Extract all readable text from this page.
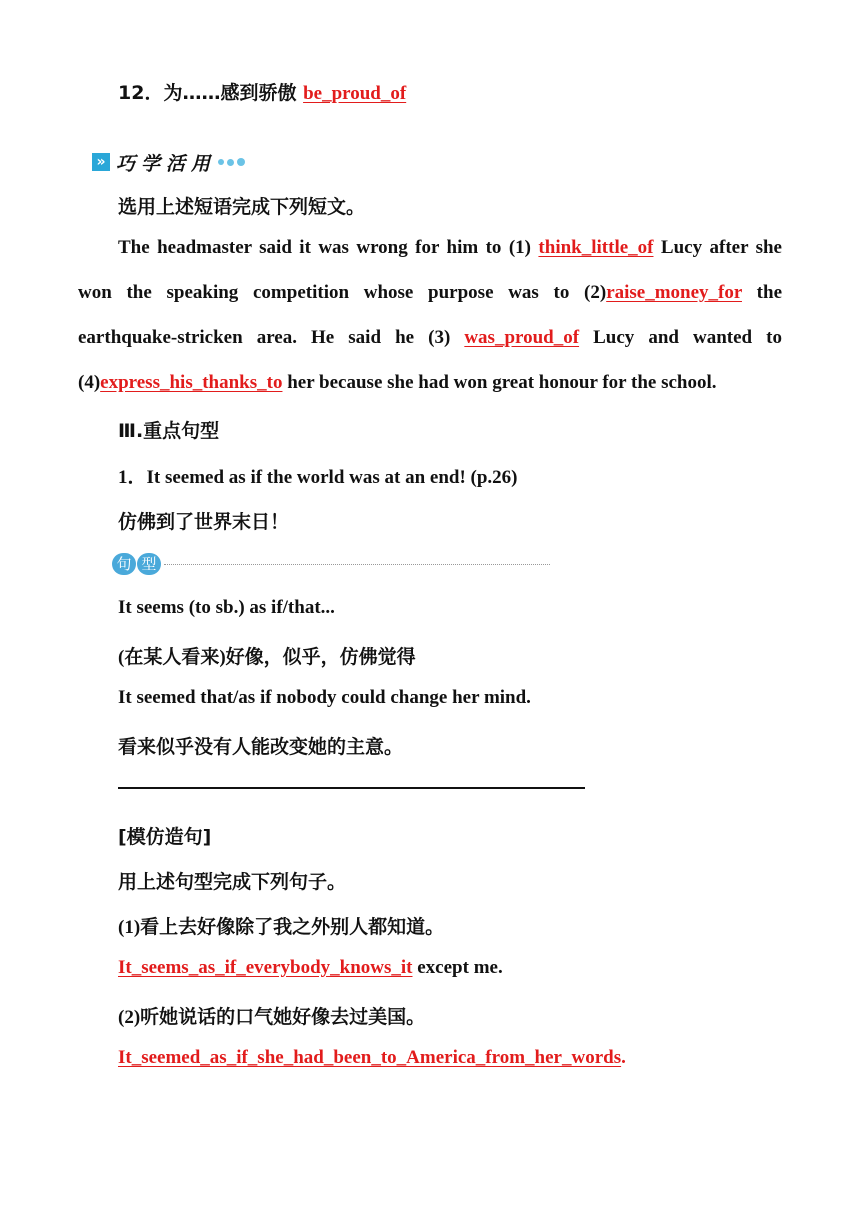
12．为……感到骄傲 be_proud_of
» 巧学活用
选用上述短语完成下列短文。
The headmaster said it was wrong for him to (1) think_little_of Lucy after she won the speaking competition whose purpose was to (2)raise_money_for the earthquake-stricken area. He said he (3) was_proud_of Lucy and wanted to (4)express_his_thanks_to her because she had won great honour for the school.
Ⅲ.重点句型
1．It seemed as if the world was at an end! (p.26)
仿佛到了世界末日！
句 型
It seems (to sb.) as if/that...
(在某人看来)好像，似乎，仿佛觉得
It seemed that/as if nobody could change her mind.
看来似乎没有人能改变她的主意。
[模仿造句]
用上述句型完成下列句子。
(1)看上去好像除了我之外别人都知道。
It_seems_as_if_everybody_knows_it except me.
(2)听她说话的口气她好像去过美国。
It_seemed_as_if_she_had_been_to_America_from_her_words.
